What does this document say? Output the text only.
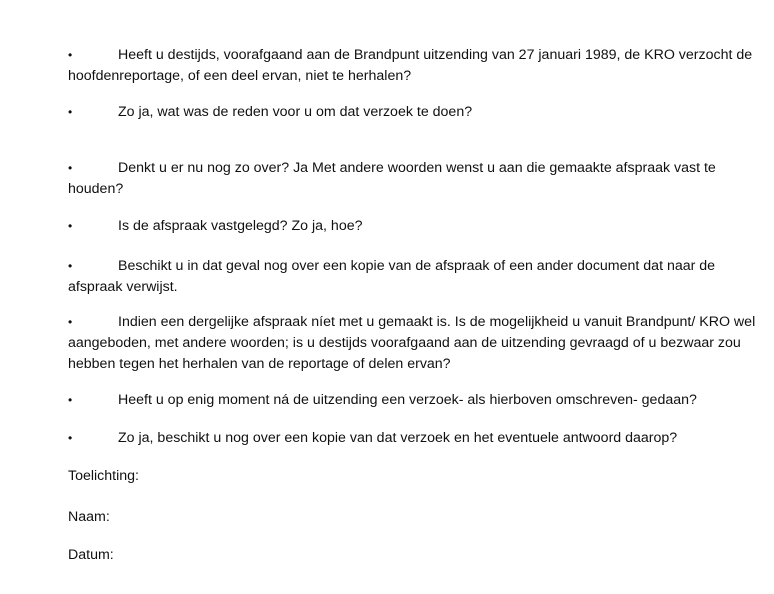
•	Heeft u destijds, voorafgaand aan de Brandpunt uitzending van 27 januari 1989, de KRO verzocht de
hoofdenreportage, of een deel ervan, niet te herhalen?
•	Zo ja, wat was de reden voor u om dat verzoek te doen?
•	Denkt u er nu nog zo over? Ja Met andere woorden wenst u aan die gemaakte afspraak vast te
houden?
•	Is de afspraak vastgelegd? Zo ja, hoe?
•	Beschikt u in dat geval nog over een kopie van de afspraak of een ander document dat naar de
afspraak verwijst.
•	Indien een dergelijke afspraak níet met u gemaakt is. Is de mogelijkheid u vanuit Brandpunt/ KRO wel
aangeboden, met andere woorden; is u destijds voorafgaand aan de uitzending gevraagd of u bezwaar zou
hebben tegen het herhalen van de reportage of delen ervan?
•	Heeft u op enig moment ná de uitzending een verzoek- als hierboven omschreven- gedaan?
•	Zo ja, beschikt u nog over een kopie van dat verzoek en het eventuele antwoord daarop?
Toelichting:
Naam:
Datum:
